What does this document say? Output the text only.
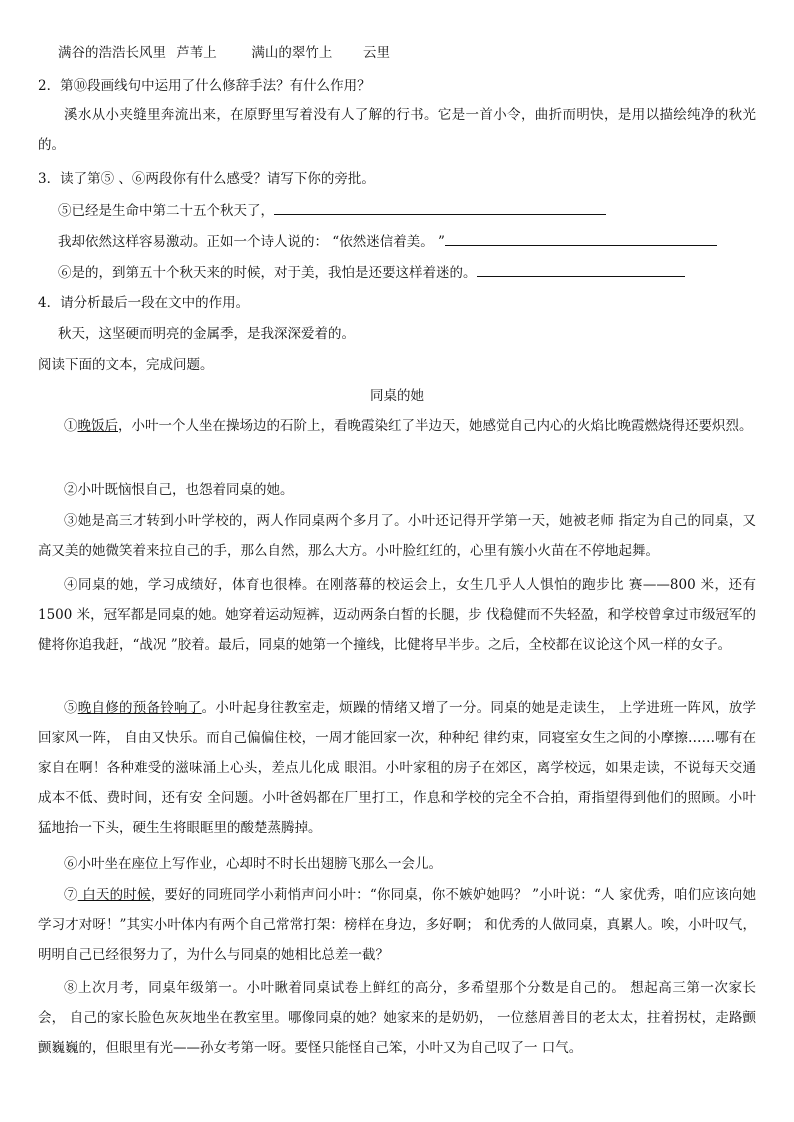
满谷的浩浩长风里 芦苇上	满山的翠竹上 云里
2．第⑩段画线句中运用了什么修辞手法？有什么作用？

溪水从小夹缝里奔流出来，在原野里写着没有人了解的行书。它是一首小令，曲折而明快，是用以描绘纯净的秋光的。

3．读了第⑤ 、⑥两段你有什么感受？请写下你的旁批。
⑤已经是生命中第二十五个秋天了，
我却依然这样容易激动。正如一个诗人说的： “依然迷信着美。 ”
⑥是的，到第五十个秋天来的时候，对于美，我怕是还要这样着迷的。
4．请分析最后一段在文中的作用。
秋天，这坚硬而明亮的金属季，是我深深爱着的。
阅读下面的文本，完成问题。
同桌的她

①晚饭后，小叶一个人坐在操场边的石阶上，看晚霞染红了半边天，她感觉自己内心的火焰比晚霞燃烧得还要炽烈。

②小叶既恼恨自己，也怨着同桌的她。

③她是高三才转到小叶学校的，两人作同桌两个多月了。小叶还记得开学第一天，她被老师 指定为自己的同桌，又高又美的她微笑着来拉自己的手，那么自然，那么大方。小叶脸红红的，心里有簇小火苗在不停地起舞。

④同桌的她，学习成绩好，体育也很棒。在刚落幕的校运会上，女生几乎人人惧怕的跑步比 赛——800 米，还有 1500 米，冠军都是同桌的她。她穿着运动短裤，迈动两条白皙的长腿，步 伐稳健而不失轻盈，和学校曾拿过市级冠军的健将你追我赶，“战况 ”胶着。最后，同桌的她第一个撞线，比健将早半步。之后，全校都在议论这个风一样的女子。

⑤晚自修的预备铃响了。小叶起身往教室走，烦躁的情绪又增了一分。同桌的她是走读生， 上学进班一阵风，放学回家风一阵， 自由又快乐。而自己偏偏住校，一周才能回家一次，种种纪 律约束，同寝室女生之间的小摩擦……哪有在家自在啊！各种难受的滋味涌上心头，差点儿化成 眼泪。小叶家租的房子在郊区，离学校远，如果走读，不说每天交通成本不低、费时间，还有安 全问题。小叶爸妈都在厂里打工，作息和学校的完全不合拍，甭指望得到他们的照顾。小叶猛地抬一下头，硬生生将眼眶里的酸楚蒸腾掉。

⑥小叶坐在座位上写作业，心却时不时长出翅膀飞那么一会儿。

⑦ 白天的时候，要好的同班同学小莉悄声问小叶：“你同桌，你不嫉妒她吗？ ”小叶说：“人 家优秀，咱们应该向她学习才对呀！”其实小叶体内有两个自己常常打架：榜样在身边，多好啊； 和优秀的人做同桌，真累人。唉，小叶叹气，明明自己已经很努力了，为什么与同桌的她相比总差一截？

⑧上次月考，同桌年级第一。小叶瞅着同桌试卷上鲜红的高分，多希望那个分数是自己的。 想起高三第一次家长会， 自己的家长脸色灰灰地坐在教室里。哪像同桌的她？她家来的是奶奶， 一位慈眉善目的老太太，拄着拐杖，走路颤颤巍巍的，但眼里有光——孙女考第一呀。要怪只能怪自己笨，小叶又为自己叹了一 口气。
